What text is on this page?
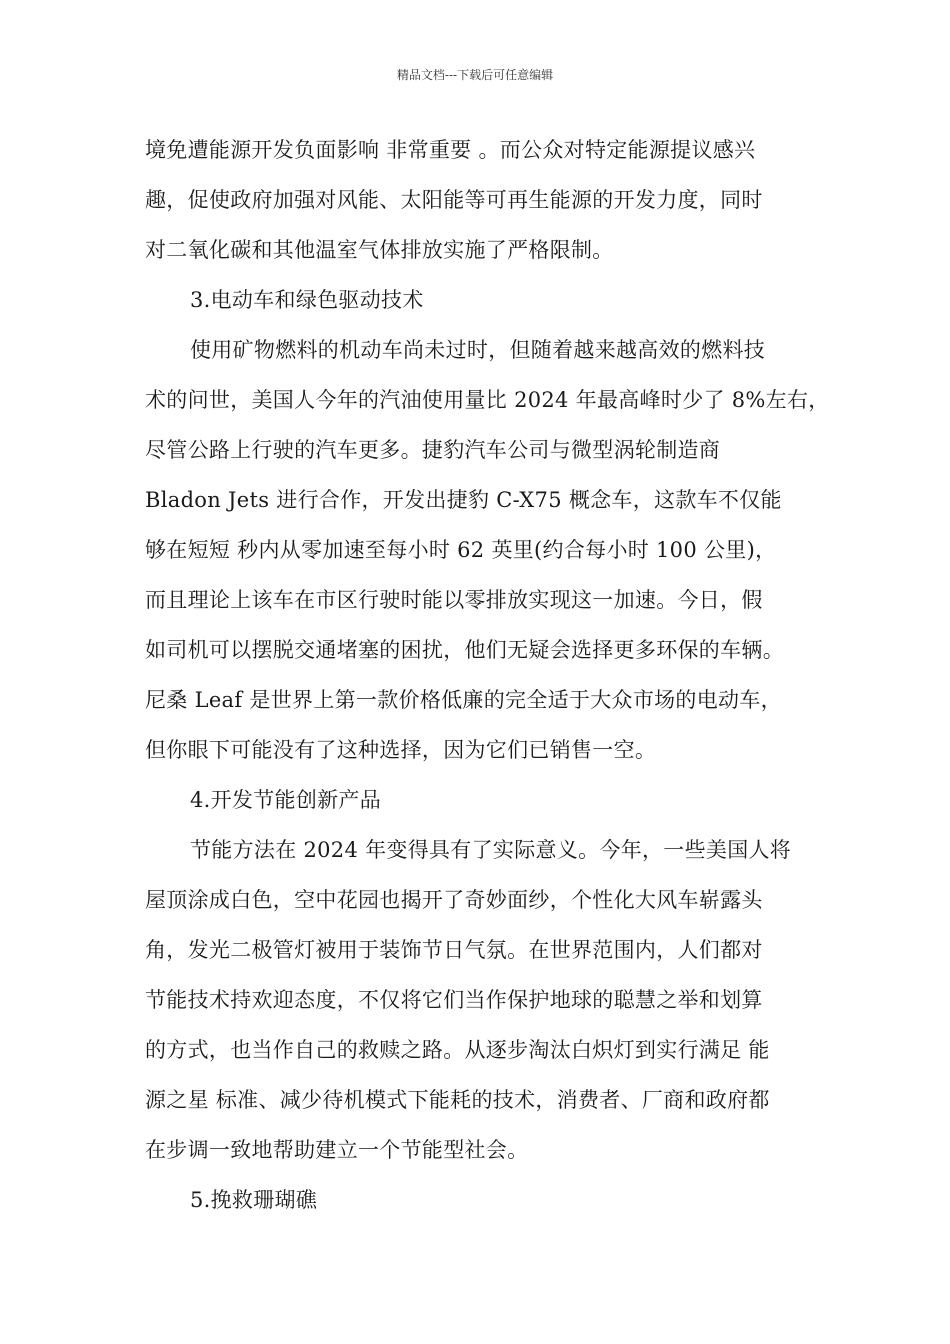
精品文档---下载后可任意编辑
境免遭能源开发负面影响 非常重要 。而公众对特定能源提议感兴
趣，促使政府加强对风能、太阳能等可再生能源的开发力度，同时
对二氧化碳和其他温室气体排放实施了严格限制。
3.电动车和绿色驱动技术
使用矿物燃料的机动车尚未过时，但随着越来越高效的燃料技
术的问世，美国人今年的汽油使用量比 2024 年最高峰时少了 8%左右，
尽管公路上行驶的汽车更多。捷豹汽车公司与微型涡轮制造商
Bladon Jets 进行合作，开发出捷豹 C-X75 概念车，这款车不仅能
够在短短 秒内从零加速至每小时 62 英里(约合每小时 100 公里)，
而且理论上该车在市区行驶时能以零排放实现这一加速。今日，假
如司机可以摆脱交通堵塞的困扰，他们无疑会选择更多环保的车辆。
尼桑 Leaf 是世界上第一款价格低廉的完全适于大众市场的电动车，
但你眼下可能没有了这种选择，因为它们已销售一空。
4.开发节能创新产品
节能方法在 2024 年变得具有了实际意义。今年，一些美国人将
屋顶涂成白色，空中花园也揭开了奇妙面纱，个性化大风车崭露头
角，发光二极管灯被用于装饰节日气氛。在世界范围内，人们都对
节能技术持欢迎态度，不仅将它们当作保护地球的聪慧之举和划算
的方式，也当作自己的救赎之路。从逐步淘汰白炽灯到实行满足 能
源之星 标准、减少待机模式下能耗的技术，消费者、厂商和政府都
在步调一致地帮助建立一个节能型社会。
5.挽救珊瑚礁
